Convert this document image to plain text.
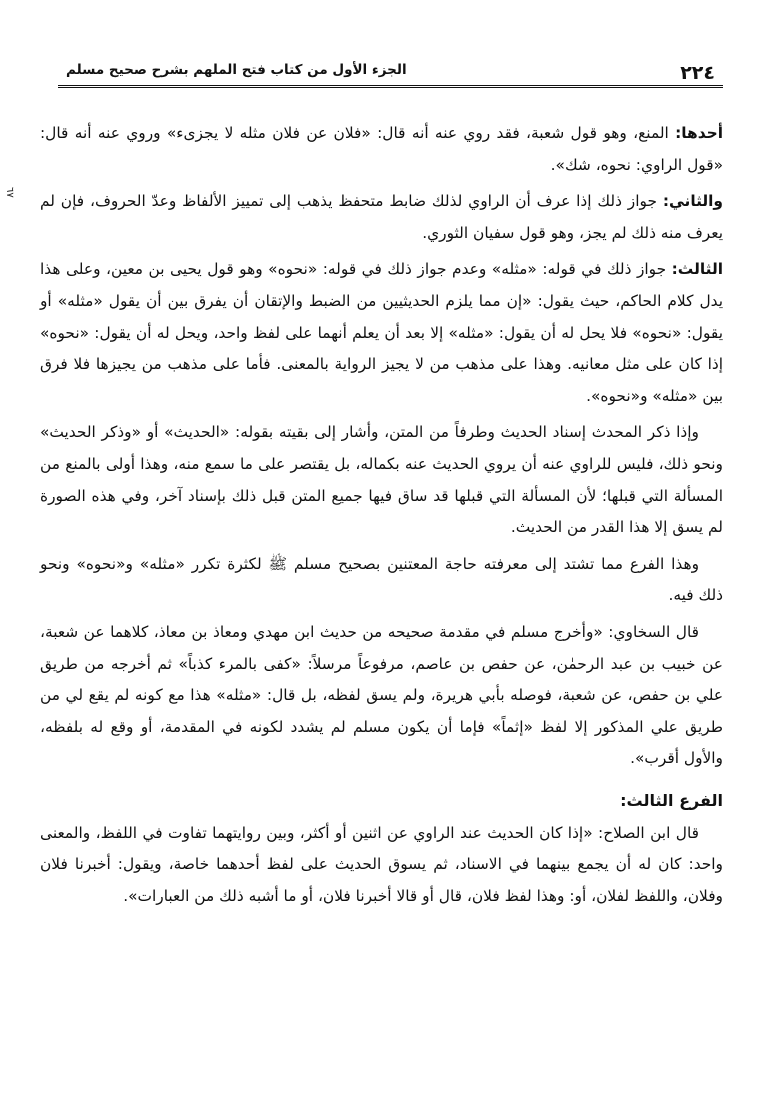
٢٢٤
الجزء الأول من كتاب فتح الملهم بشرح صحيح مسلم
٦٧

أحدها: المنع، وهو قول شعبة، فقد روي عنه أنه قال: «فلان عن فلان مثله لا يجزىء» وروي عنه أنه قال: «قول الراوي: نحوه، شك».

والثاني: جواز ذلك إذا عرف أن الراوي لذلك ضابط متحفظ يذهب إلى تمييز الألفاظ وعدّ الحروف، فإن لم يعرف منه ذلك لم يجز، وهو قول سفيان الثوري.

الثالث: جواز ذلك في قوله: «مثله» وعدم جواز ذلك في قوله: «نحوه» وهو قول يحيى بن معين، وعلى هذا يدل كلام الحاكم، حيث يقول: «إن مما يلزم الحديثيين من الضبط والإتقان أن يفرق بين أن يقول «مثله» أو يقول: «نحوه» فلا يحل له أن يقول: «مثله» إلا بعد أن يعلم أنهما على لفظ واحد، ويحل له أن يقول: «نحوه» إذا كان على مثل معانيه. وهذا على مذهب من لا يجيز الرواية بالمعنى. فأما على مذهب من يجيزها فلا فرق بين «مثله» و«نحوه».

وإذا ذكر المحدث إسناد الحديث وطرفاً من المتن، وأشار إلى بقيته بقوله: «الحديث» أو «وذكر الحديث» ونحو ذلك، فليس للراوي عنه أن يروي الحديث عنه بكماله، بل يقتصر على ما سمع منه، وهذا أولى بالمنع من المسألة التي قبلها؛ لأن المسألة التي قبلها قد ساق فيها جميع المتن قبل ذلك بإسناد آخر، وفي هذه الصورة لم يسق إلا هذا القدر من الحديث.

وهذا الفرع مما تشتد إلى معرفته حاجة المعتنين بصحيح مسلم ﷺ لكثرة تكرر «مثله» و«نحوه» ونحو ذلك فيه.

قال السخاوي: «وأخرج مسلم في مقدمة صحيحه من حديث ابن مهدي ومعاذ بن معاذ، كلاهما عن شعبة، عن خبيب بن عبد الرحمٰن، عن حفص بن عاصم، مرفوعاً مرسلاً: «كفى بالمرء كذباً» ثم أخرجه من طريق علي بن حفص، عن شعبة، فوصله بأبي هريرة، ولم يسق لفظه، بل قال: «مثله» هذا مع كونه لم يقع لي من طريق علي المذكور إلا لفظ «إثماً» فإما أن يكون مسلم لم يشدد لكونه في المقدمة، أو وقع له بلفظه، والأول أقرب».

الفرع الثالث:

قال ابن الصلاح: «إذا كان الحديث عند الراوي عن اثنين أو أكثر، وبين روايتهما تفاوت في اللفظ، والمعنى واحد: كان له أن يجمع بينهما في الاسناد، ثم يسوق الحديث على لفظ أحدهما خاصة، ويقول: أخبرنا فلان وفلان، واللفظ لفلان، أو: وهذا لفظ فلان، قال أو قالا أخبرنا فلان، أو ما أشبه ذلك من العبارات».
